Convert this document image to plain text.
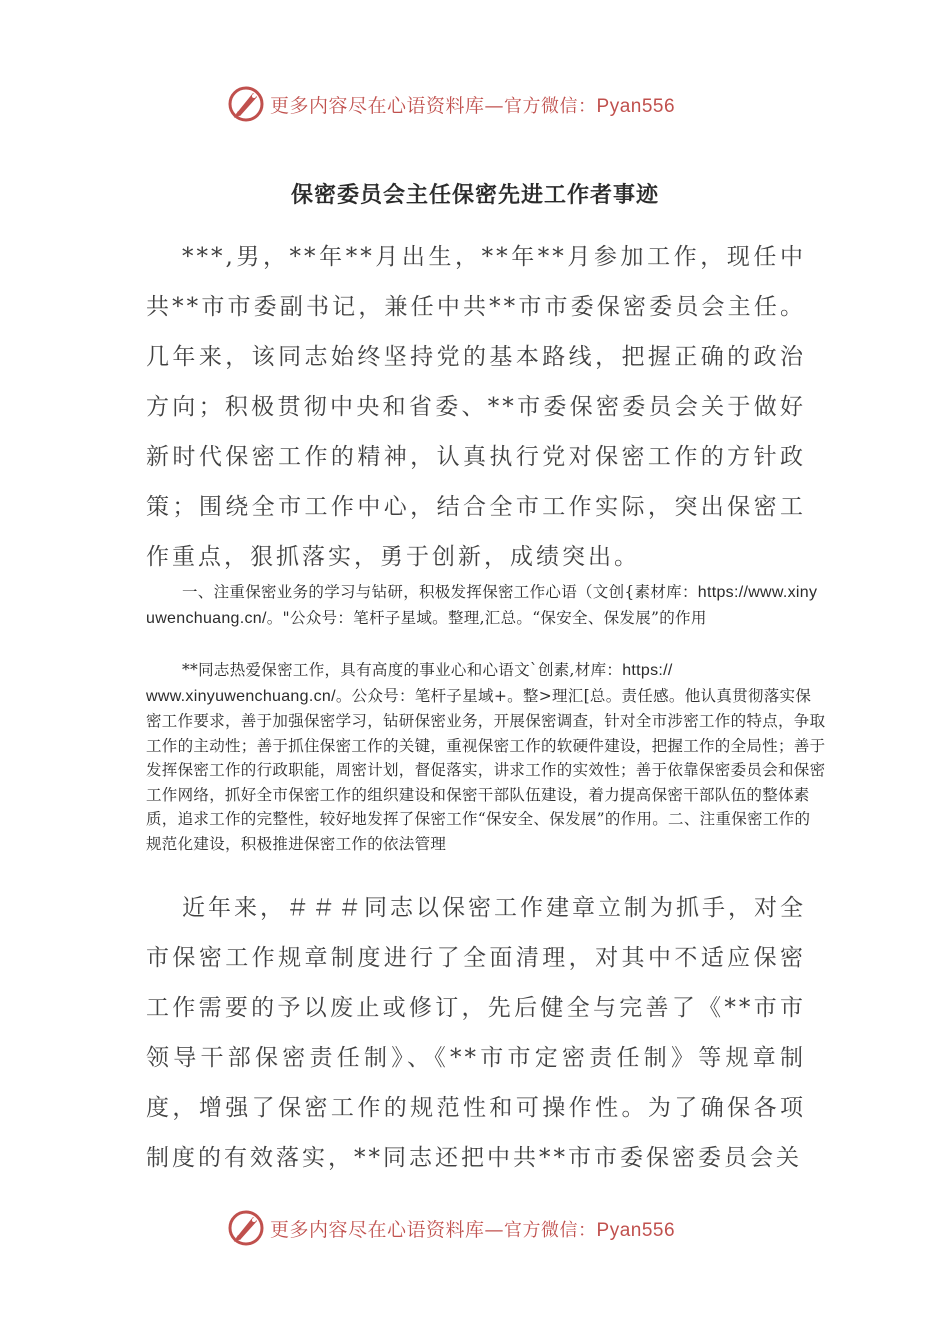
更多内容尽在心语资料库—官方微信：Pyan556
保密委员会主任保密先进工作者事迹

***,男，**年**月出生，**年**月参加工作，现任中共**市市委副书记，兼任中共**市市委保密委员会主任。几年来，该同志始终坚持党的基本路线，把握正确的政治方向；积极贯彻中央和省委、**市委保密委员会关于做好新时代保密工作的精神，认真执行党对保密工作的方针政策；围绕全市工作中心，结合全市工作实际，突出保密工作重点，狠抓落实，勇于创新，成绩突出。

一、注重保密业务的学习与钻研，积极发挥保密工作心语（文创{素材库：https://www.xinyuwenchuang.cn/。"公众号：笔杆子星域。整理,汇总。“保安全、保发展”的作用

**同志热爱保密工作，具有高度的事业心和心语文`创素,材库：https://
www.xinyuwenchuang.cn/。公众号：笔杆子星域+。整>理汇[总。责任感。他认真贯彻落实保密工作要求，善于加强保密学习，钻研保密业务，开展保密调查，针对全市涉密工作的特点，争取工作的主动性；善于抓住保密工作的关键，重视保密工作的软硬件建设，把握工作的全局性；善于发挥保密工作的行政职能，周密计划，督促落实，讲求工作的实效性；善于依靠保密委员会和保密工作网络，抓好全市保密工作的组织建设和保密干部队伍建设，着力提高保密干部队伍的整体素质，追求工作的完整性，较好地发挥了保密工作“保安全、保发展”的作用。二、注重保密工作的规范化建设，积极推进保密工作的依法管理

近年来，＃＃＃同志以保密工作建章立制为抓手，对全市保密工作规章制度进行了全面清理，对其中不适应保密工作需要的予以废止或修订，先后健全与完善了《**市市领导干部保密责任制》、《**市市定密责任制》等规章制度，增强了保密工作的规范性和可操作性。为了确保各项制度的有效落实，**同志还把中共**市市委保密委员会关

更多内容尽在心语资料库—官方微信：Pyan556
